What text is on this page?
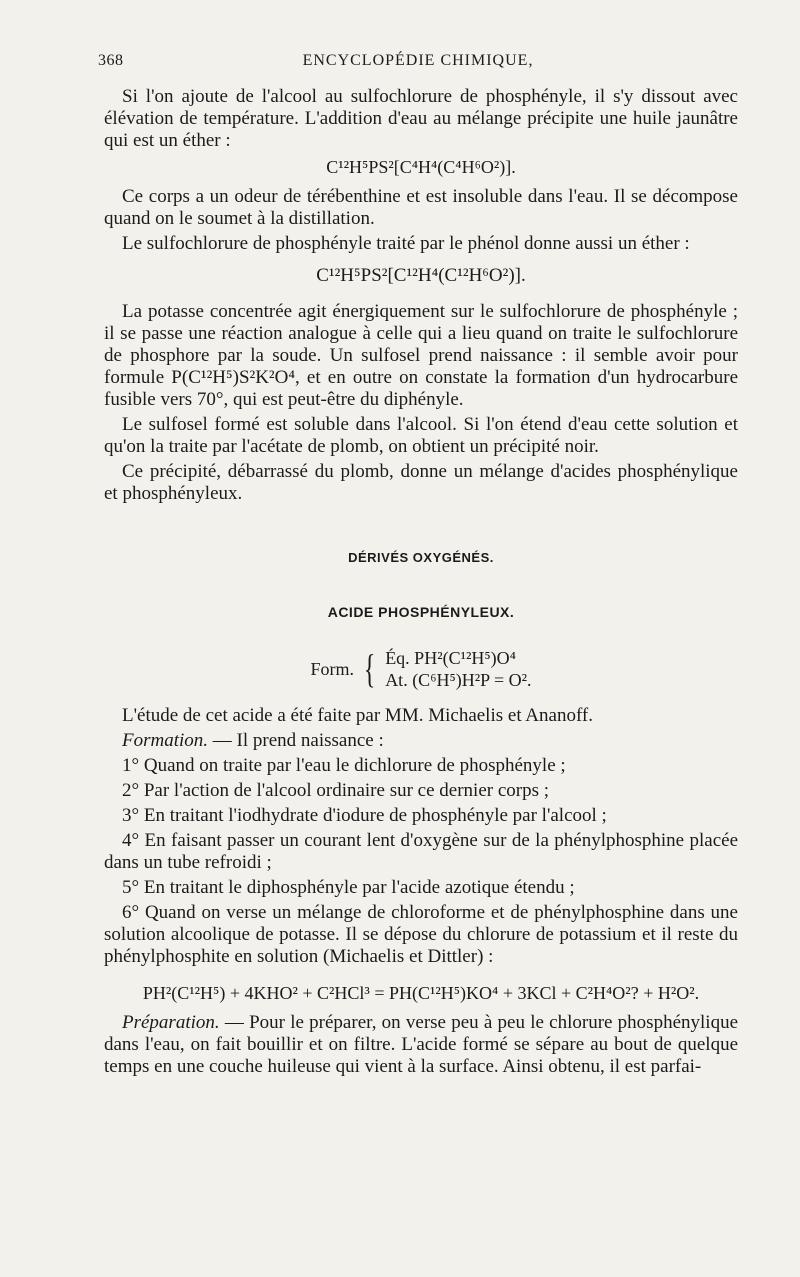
368	ENCYCLOPÉDIE CHIMIQUE,

Si l'on ajoute de l'alcool au sulfochlorure de phosphényle, il s'y dissout avec élévation de température. L'addition d'eau au mélange précipite une huile jaunâtre qui est un éther :

C¹²H⁵PS²[C⁴H⁴(C⁴H⁶O²)].

Ce corps a un odeur de térébenthine et est insoluble dans l'eau. Il se décompose quand on le soumet à la distillation.

Le sulfochlorure de phosphényle traité par le phénol donne aussi un éther :

C¹²H⁵PS²[C¹²H⁴(C¹²H⁶O²)].

La potasse concentrée agit énergiquement sur le sulfochlorure de phosphényle ; il se passe une réaction analogue à celle qui a lieu quand on traite le sulfochlorure de phosphore par la soude. Un sulfosel prend naissance : il semble avoir pour formule P(C¹²H⁵)S²K²O⁴, et en outre on constate la formation d'un hydrocarbure fusible vers 70°, qui est peut-être du diphényle.

Le sulfosel formé est soluble dans l'alcool. Si l'on étend d'eau cette solution et qu'on la traite par l'acétate de plomb, on obtient un précipité noir.

Ce précipité, débarrassé du plomb, donne un mélange d'acides phosphénylique et phosphényleux.

DÉRIVÉS OXYGÉNÉS.
ACIDE PHOSPHÉNYLEUX.
Form. { Éq. PH²(C¹²H⁵)O⁴
At. (C⁶H⁵)H²P = O².

L'étude de cet acide a été faite par MM. Michaelis et Ananoff.

Formation. — Il prend naissance :

1° Quand on traite par l'eau le dichlorure de phosphényle ;

2° Par l'action de l'alcool ordinaire sur ce dernier corps ;

3° En traitant l'iodhydrate d'iodure de phosphényle par l'alcool ;

4° En faisant passer un courant lent d'oxygène sur de la phénylphosphine placée dans un tube refroidi ;

5° En traitant le diphosphényle par l'acide azotique étendu ;

6° Quand on verse un mélange de chloroforme et de phénylphosphine dans une solution alcoolique de potasse. Il se dépose du chlorure de potassium et il reste du phénylphosphite en solution (Michaelis et Dittler) :

PH²(C¹²H⁵) + 4KHO² + C²HCl³ = PH(C¹²H⁵)KO⁴ + 3KCl + C²H⁴O²? + H²O².

Préparation. — Pour le préparer, on verse peu à peu le chlorure phosphénylique dans l'eau, on fait bouillir et on filtre. L'acide formé se sépare au bout de quelque temps en une couche huileuse qui vient à la surface. Ainsi obtenu, il est parfai-
